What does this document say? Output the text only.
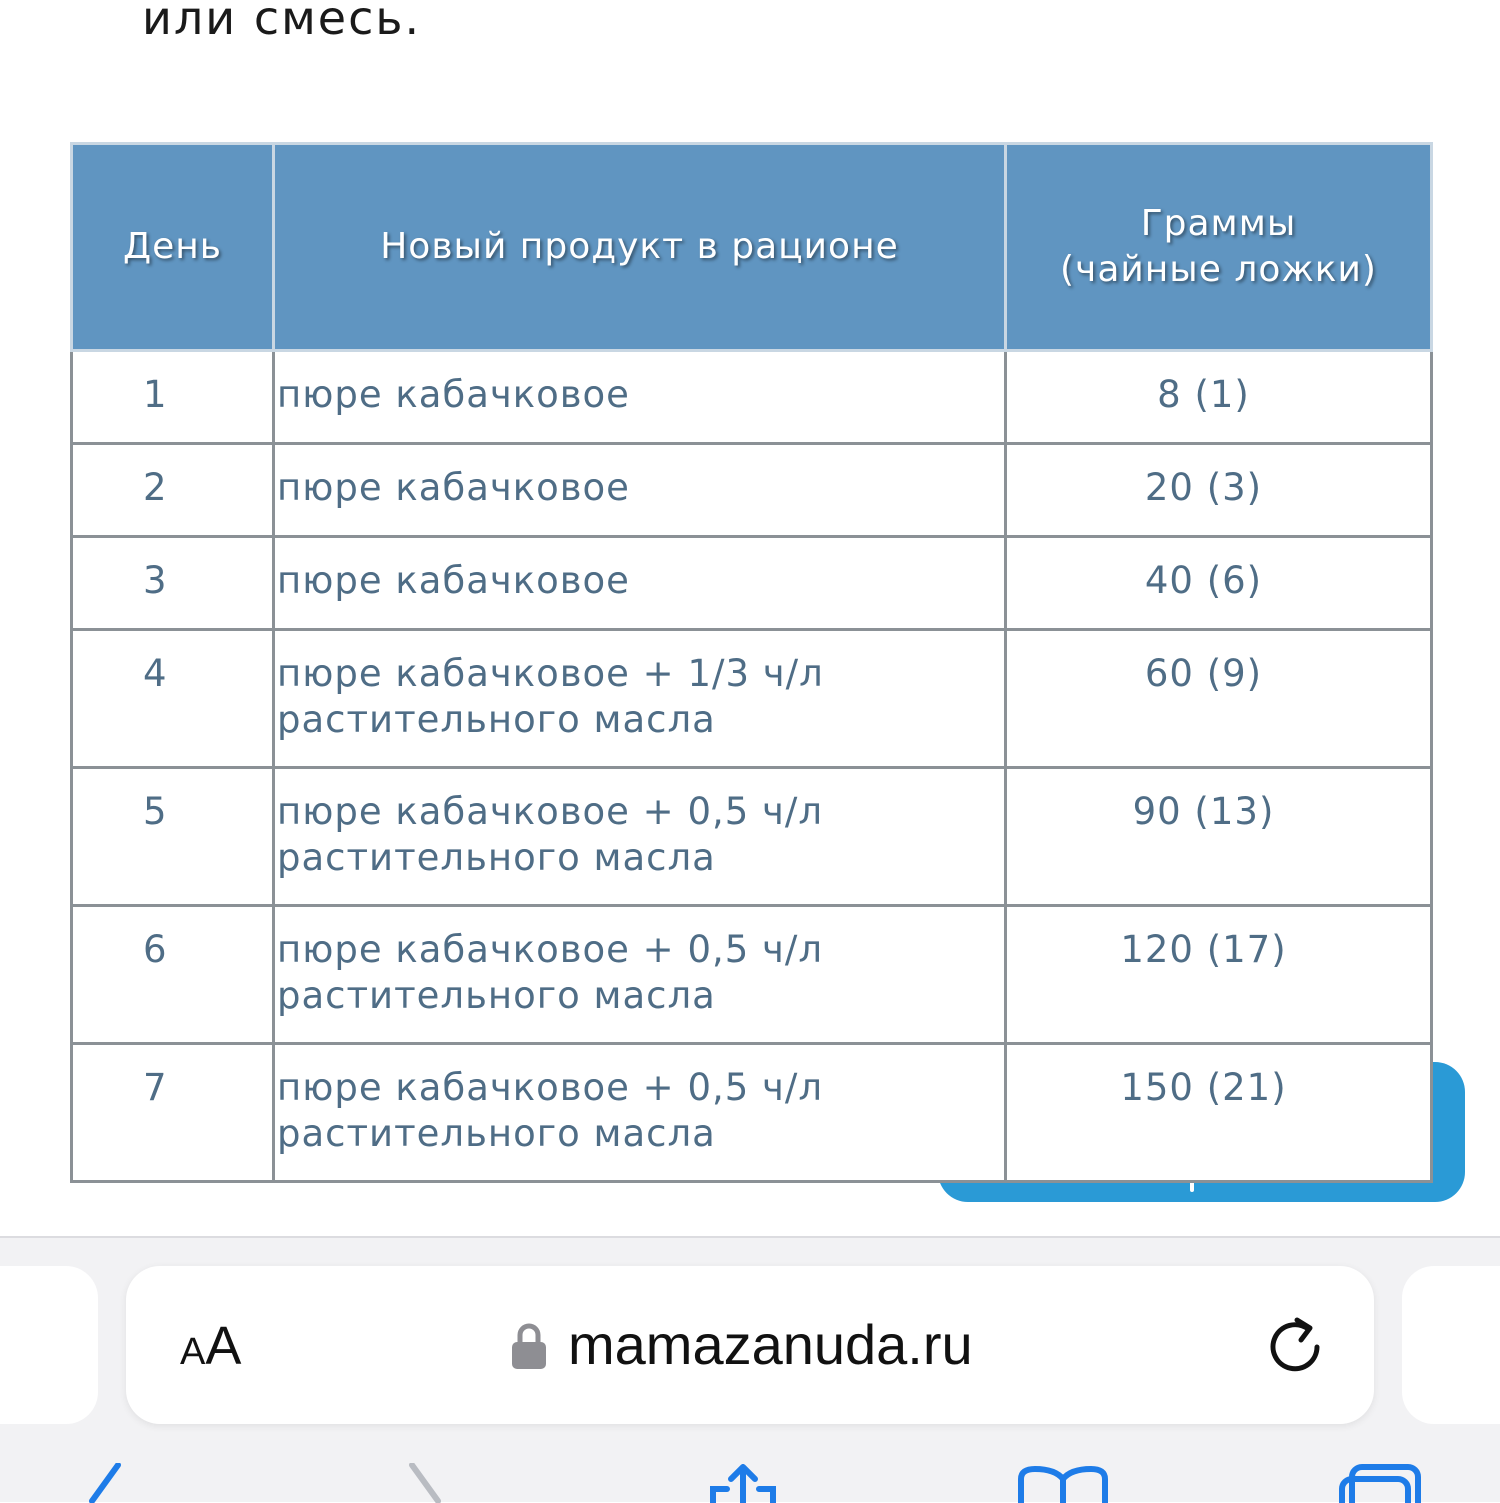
или смесь.
День	Новый продукт в рационе	Граммы
(чайные ложки)

1	пюре кабачковое	8 (1)
2	пюре кабачковое	20 (3)
3	пюре кабачковое	40 (6)
4	пюре кабачковое + 1/3 ч/л
растительного масла	60 (9)
5	пюре кабачковое + 0,5 ч/л
растительного масла	90 (13)
6	пюре кабачковое + 0,5 ч/л
растительного масла	120 (17)
7	пюре кабачковое + 0,5 ч/л
растительного масла	150 (21)
AA	mamazanuda.ru
